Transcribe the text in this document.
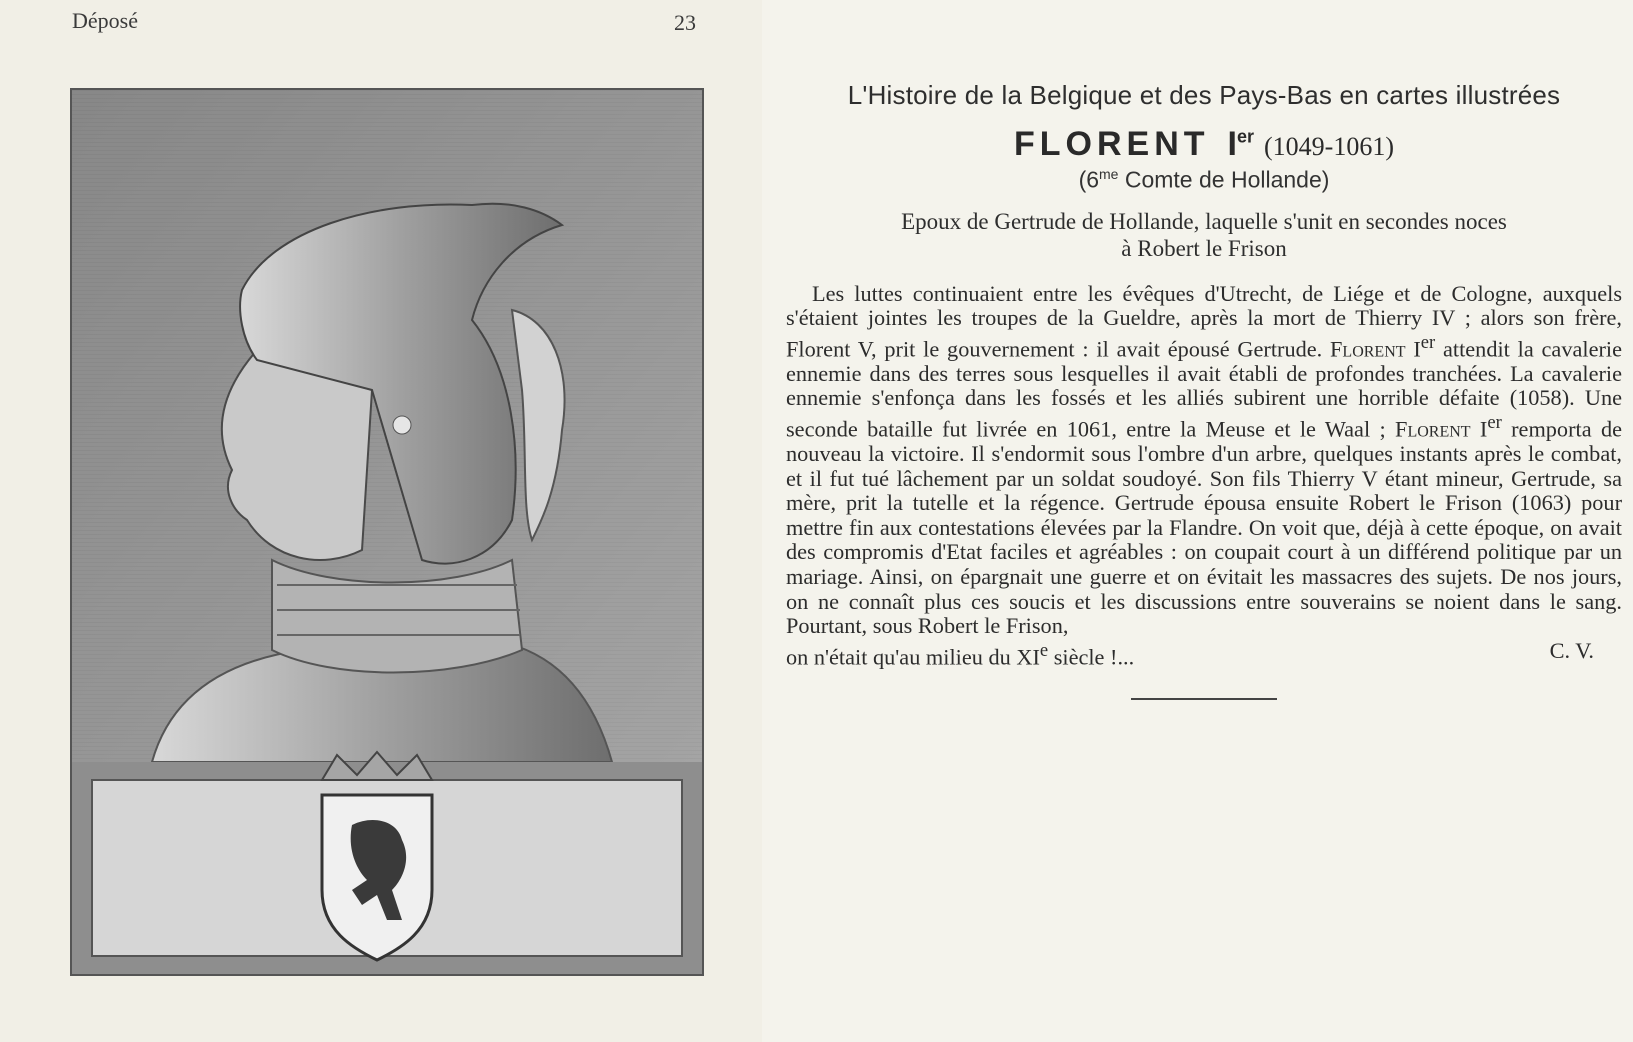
Déposé	23
L'Histoire de la Belgique et des Pays-Bas en cartes illustrées
FLORENT Ier (1049-1061)
($6^{me}$ Comte de Hollande)
Epoux de Gertrude de Hollande, laquelle s'unit en secondes noces
à Robert le Frison
Les luttes continuaient entre les évêques d'Utrecht, de Liége et de Cologne, auxquels s'étaient jointes les troupes de la Gueldre, après la mort de Thierry IV ; alors son frère, Florent V, prit le gouvernement : il avait épousé Gertrude. Florent Ier attendit la cavalerie ennemie dans des terres sous lesquelles il avait établi de profondes tranchées. La cavalerie ennemie s'enfonça dans les fossés et les alliés subirent une horrible défaite (1058). Une seconde bataille fut livrée en 1061, entre la Meuse et le Waal ; Florent Ier remporta de nouveau la victoire. Il s'endormit sous l'ombre d'un arbre, quelques instants après le combat, et il fut tué lâchement par un soldat soudoyé. Son fils Thierry V étant mineur, Gertrude, sa mère, prit la tutelle et la régence. Gertrude épousa ensuite Robert le Frison (1063) pour mettre fin aux contestations élevées par la Flandre. On voit que, déjà à cette époque, on avait des compromis d'Etat faciles et agréables : on coupait court à un différend politique par un mariage. Ainsi, on épargnait une guerre et on évitait les massacres des sujets. De nos jours, on ne connaît plus ces soucis et les discussions entre souverains se noient dans le sang. Pourtant, sous Robert le Frison,
on n'était qu'au milieu du XIe siècle !...	C. V.
